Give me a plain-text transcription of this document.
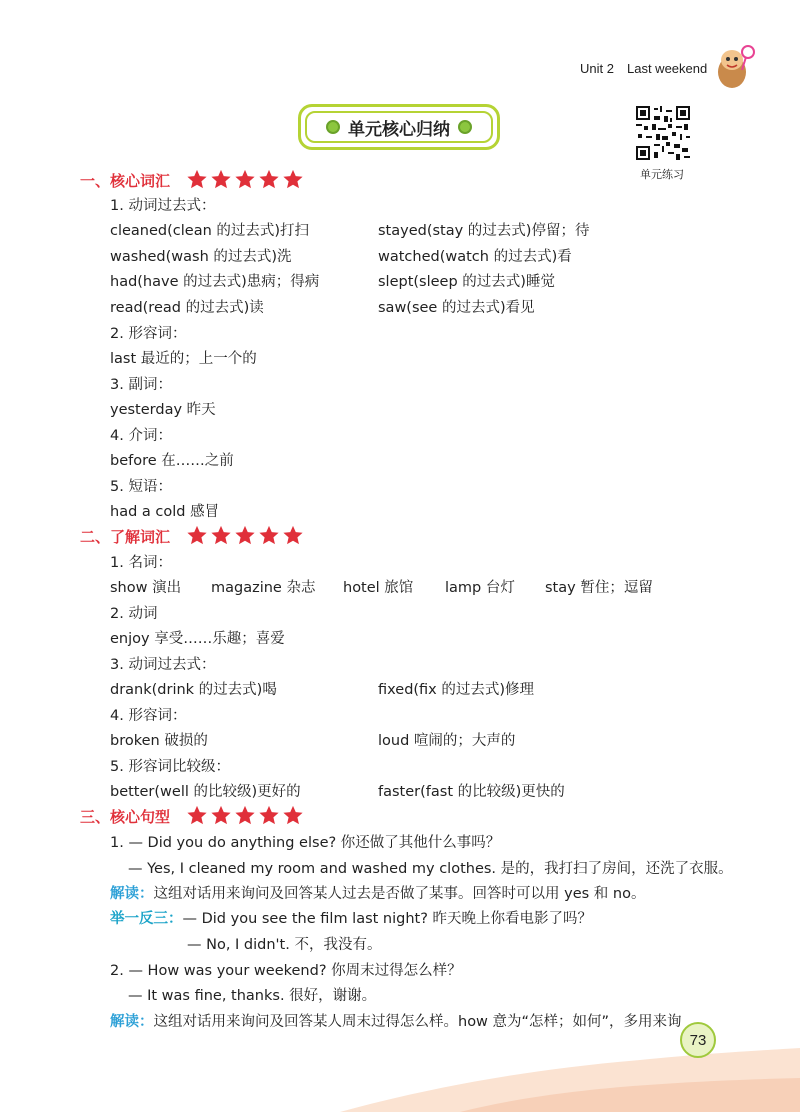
Unit 2 Last weekend
单元核心归纳
单元练习
一、核心词汇
1. 动词过去式：
cleaned(clean 的过去式)打扫	stayed(stay 的过去式)停留；待
washed(wash 的过去式)洗	watched(watch 的过去式)看
had(have 的过去式)患病；得病	slept(sleep 的过去式)睡觉
read(read 的过去式)读	saw(see 的过去式)看见
2. 形容词：
last 最近的；上一个的
3. 副词：
yesterday 昨天
4. 介词：
before 在……之前
5. 短语：
had a cold 感冒
二、了解词汇
1. 名词：
show 演出 magazine 杂志 hotel 旅馆 lamp 台灯 stay 暂住；逗留
2. 动词
enjoy 享受……乐趣；喜爱
3. 动词过去式：
drank(drink 的过去式)喝	fixed(fix 的过去式)修理
4. 形容词：
broken 破损的	loud 喧闹的；大声的
5. 形容词比较级：
better(well 的比较级)更好的	faster(fast 的比较级)更快的
三、核心句型
1. — Did you do anything else? 你还做了其他什么事吗？
— Yes, I cleaned my room and washed my clothes. 是的，我打扫了房间，还洗了衣服。
解读：这组对话用来询问及回答某人过去是否做了某事。回答时可以用 yes 和 no。
举一反三：— Did you see the film last night? 昨天晚上你看电影了吗？
— No, I didn't. 不，我没有。
2. — How was your weekend? 你周末过得怎么样？
— It was fine, thanks. 很好，谢谢。
解读：这组对话用来询问及回答某人周末过得怎么样。how 意为“怎样；如何”，多用来询
73
